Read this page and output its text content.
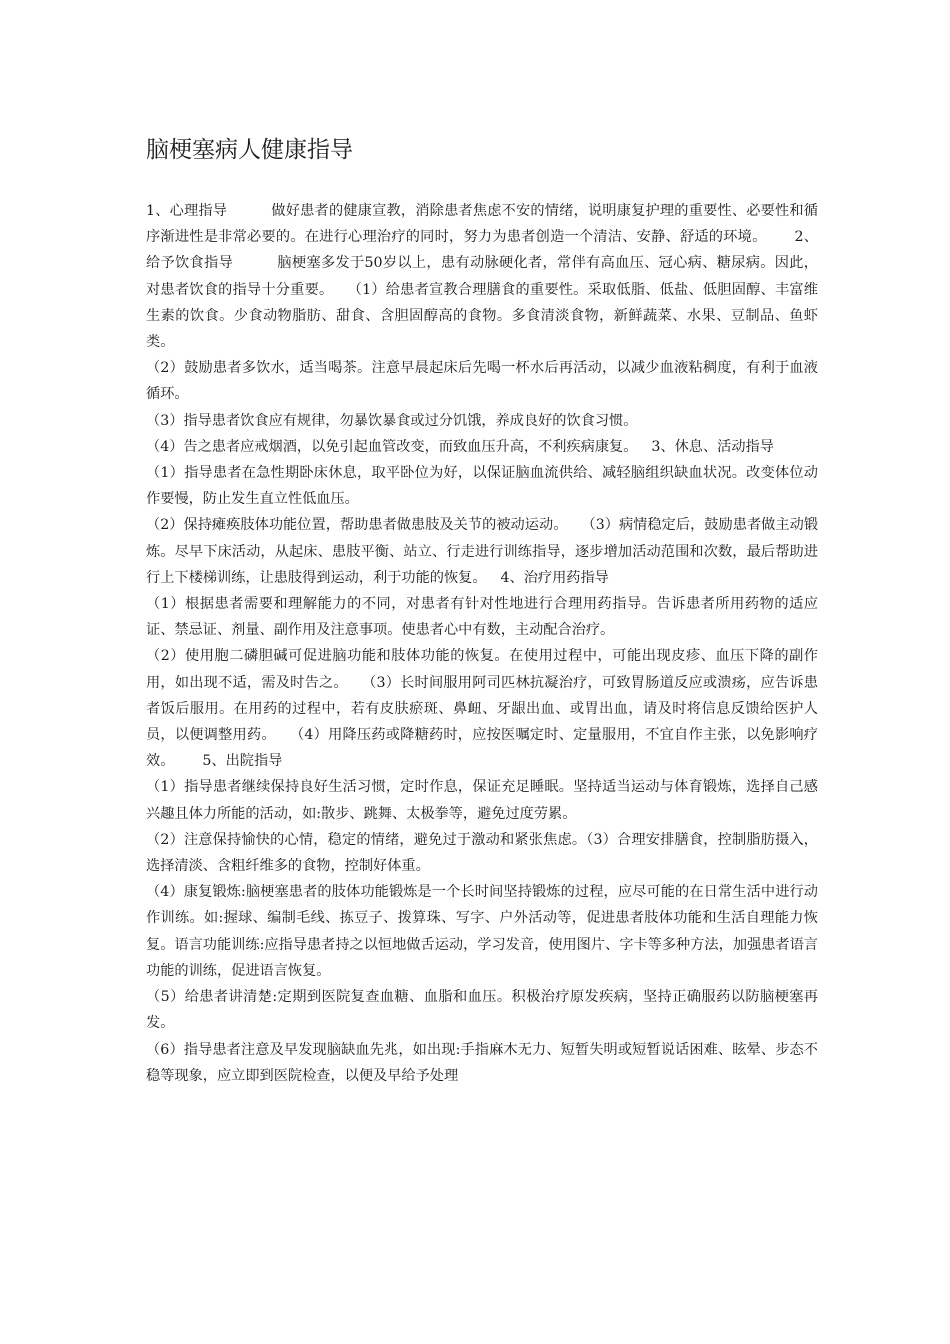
脑梗塞病人健康指导

1、心理指导	做好患者的健康宣教，消除患者焦虑不安的情绪，说明康复护理的重要性、必要性和循序渐进性是非常必要的。在进行心理治疗的同时，努力为患者创造一个清洁、安静、舒适的环境。 2、给予饮食指导	脑梗塞多发于50岁以上，患有动脉硬化者，常伴有高血压、冠心病、糖尿病。因此，对患者饮食的指导十分重要。 （1）给患者宣教合理膳食的重要性。采取低脂、低盐、低胆固醇、丰富维生素的饮食。少食动物脂肪、甜食、含胆固醇高的食物。多食清淡食物，新鲜蔬菜、水果、豆制品、鱼虾类。

（2）鼓励患者多饮水，适当喝茶。注意早晨起床后先喝一杯水后再活动，以减少血液粘稠度，有利于血液循环。

（3）指导患者饮食应有规律，勿暴饮暴食或过分饥饿，养成良好的饮食习惯。

（4）告之患者应戒烟酒，以免引起血管改变，而致血压升高，不利疾病康复。 3、休息、活动指导

（1）指导患者在急性期卧床休息，取平卧位为好，以保证脑血流供给、减轻脑组织缺血状况。改变体位动作要慢，防止发生直立性低血压。

（2）保持瘫痪肢体功能位置，帮助患者做患肢及关节的被动运动。 （3）病情稳定后，鼓励患者做主动锻炼。尽早下床活动，从起床、患肢平衡、站立、行走进行训练指导，逐步增加活动范围和次数，最后帮助进行上下楼梯训练，让患肢得到运动，利于功能的恢复。 4、治疗用药指导

（1）根据患者需要和理解能力的不同，对患者有针对性地进行合理用药指导。告诉患者所用药物的适应证、禁忌证、剂量、副作用及注意事项。使患者心中有数，主动配合治疗。

（2）使用胞二磷胆碱可促进脑功能和肢体功能的恢复。在使用过程中，可能出现皮疹、血压下降的副作用，如出现不适，需及时告之。 （3）长时间服用阿司匹林抗凝治疗，可致胃肠道反应或溃疡，应告诉患者饭后服用。在用药的过程中，若有皮肤瘀斑、鼻衄、牙龈出血、或胃出血，请及时将信息反馈给医护人员，以便调整用药。 （4）用降压药或降糖药时，应按医嘱定时、定量服用，不宜自作主张，以免影响疗效。 5、出院指导

（1）指导患者继续保持良好生活习惯，定时作息，保证充足睡眠。坚持适当运动与体育锻炼，选择自己感兴趣且体力所能的活动，如:散步、跳舞、太极拳等，避免过度劳累。

（2）注意保持愉快的心情，稳定的情绪，避免过于激动和紧张焦虑。（3）合理安排膳食，控制脂肪摄入，选择清淡、含粗纤维多的食物，控制好体重。

（4）康复锻炼:脑梗塞患者的肢体功能锻炼是一个长时间坚持锻炼的过程，应尽可能的在日常生活中进行动作训练。如:握球、编制毛线、拣豆子、拨算珠、写字、户外活动等，促进患者肢体功能和生活自理能力恢复。语言功能训练:应指导患者持之以恒地做舌运动，学习发音，使用图片、字卡等多种方法，加强患者语言功能的训练，促进语言恢复。

（5）给患者讲清楚:定期到医院复查血糖、血脂和血压。积极治疗原发疾病，坚持正确服药以防脑梗塞再发。

（6）指导患者注意及早发现脑缺血先兆，如出现:手指麻木无力、短暂失明或短暂说话困难、眩晕、步态不稳等现象，应立即到医院检查，以便及早给予处理
